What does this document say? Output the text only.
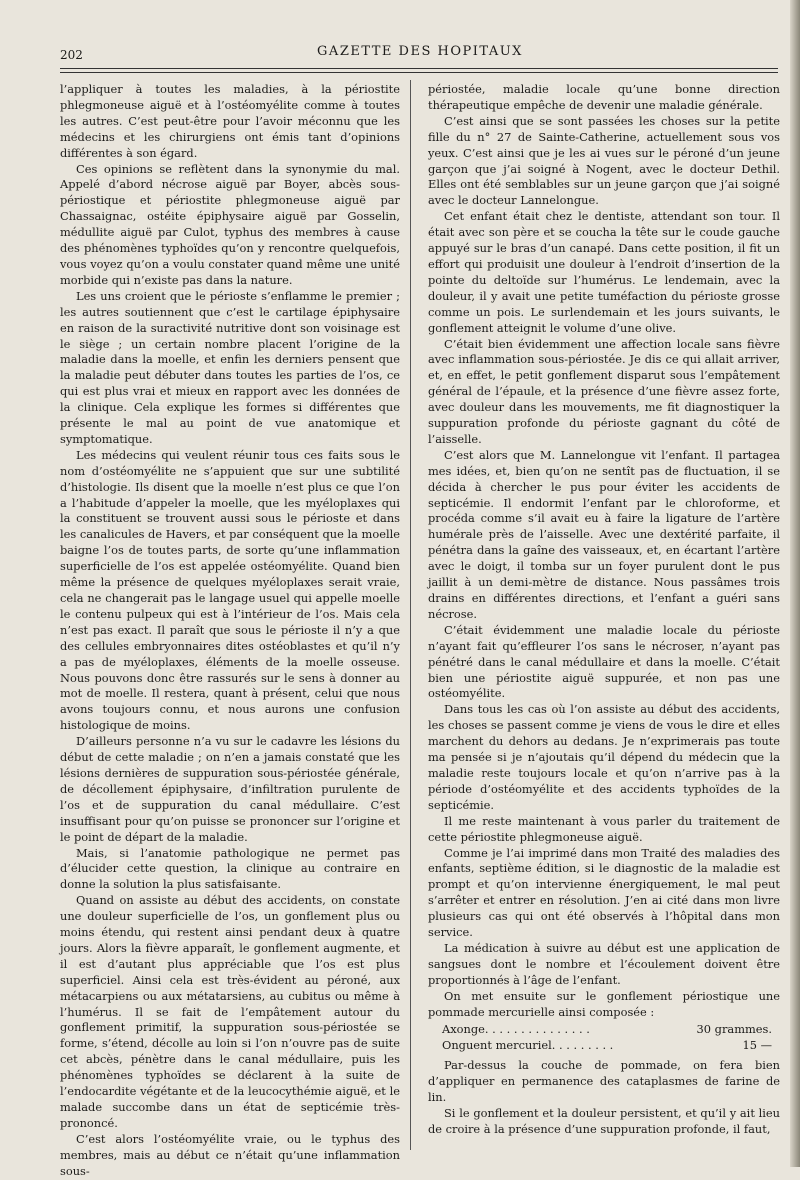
202	GAZETTE DES HOPITAUX

l’appliquer à toutes les maladies, à la périostite phlegmoneuse aiguë et à l’ostéomyélite comme à toutes les autres. C’est peut-être pour l’avoir méconnu que les médecins et les chirurgiens ont émis tant d’opinions différentes à son égard.

Ces opinions se reflètent dans la synonymie du mal. Appelé d’abord nécrose aiguë par Boyer, abcès sous-périostique et périostite phlegmoneuse aiguë par Chassaignac, ostéite épiphysaire aiguë par Gosselin, médullite aiguë par Culot, typhus des membres à cause des phénomènes typhoïdes qu’on y rencontre quelquefois, vous voyez qu’on a voulu constater quand même une unité morbide qui n’existe pas dans la nature.

Les uns croient que le périoste s’enflamme le premier ; les autres soutiennent que c’est le cartilage épiphysaire en raison de la suractivité nutritive dont son voisinage est le siège ; un certain nombre placent l’origine de la maladie dans la moelle, et enfin les derniers pensent que la maladie peut débuter dans toutes les parties de l’os, ce qui est plus vrai et mieux en rapport avec les données de la clinique. Cela explique les formes si différentes que présente le mal au point de vue anatomique et symptomatique.

Les médecins qui veulent réunir tous ces faits sous le nom d’ostéomyélite ne s’appuient que sur une subtilité d’histologie. Ils disent que la moelle n’est plus ce que l’on a l’habitude d’appeler la moelle, que les myéloplaxes qui la constituent se trouvent aussi sous le périoste et dans les canalicules de Havers, et par conséquent que la moelle baigne l’os de toutes parts, de sorte qu’une inflammation superficielle de l’os est appelée ostéomyélite. Quand bien même la présence de quelques myéloplaxes serait vraie, cela ne changerait pas le langage usuel qui appelle moelle le contenu pulpeux qui est à l’intérieur de l’os. Mais cela n’est pas exact. Il paraît que sous le périoste il n’y a que des cellules embryonnaires dites ostéoblastes et qu’il n’y a pas de myéloplaxes, éléments de la moelle osseuse. Nous pouvons donc être rassurés sur le sens à donner au mot de moelle. Il restera, quant à présent, celui que nous avons toujours connu, et nous aurons une confusion histologique de moins.

D’ailleurs personne n’a vu sur le cadavre les lésions du début de cette maladie ; on n’en a jamais constaté que les lésions dernières de suppuration sous-périostée générale, de décollement épiphysaire, d’infiltration purulente de l’os et de suppuration du canal médullaire. C’est insuffisant pour qu’on puisse se prononcer sur l’origine et le point de départ de la maladie.

Mais, si l’anatomie pathologique ne permet pas d’élucider cette question, la clinique au contraire en donne la solution la plus satisfaisante.

Quand on assiste au début des accidents, on constate une douleur superficielle de l’os, un gonflement plus ou moins étendu, qui restent ainsi pendant deux à quatre jours. Alors la fièvre apparaît, le gonflement augmente, et il est d’autant plus appréciable que l’os est plus superficiel. Ainsi cela est très-évident au péroné, aux métacarpiens ou aux métatarsiens, au cubitus ou même à l’humérus. Il se fait de l’empâtement autour du gonflement primitif, la suppuration sous-périostée se forme, s’étend, décolle au loin si l’on n’ouvre pas de suite cet abcès, pénètre dans le canal médullaire, puis les phénomènes typhoïdes se déclarent à la suite de l’endocardite végétante et de la leucocythémie aiguë, et le malade succombe dans un état de septicémie très-prononcé.

C’est alors l’ostéomyélite vraie, ou le typhus des membres, mais au début ce n’était qu’une inflammation sous-

périostée, maladie locale qu’une bonne direction thérapeutique empêche de devenir une maladie générale.

C’est ainsi que se sont passées les choses sur la petite fille du n° 27 de Sainte-Catherine, actuellement sous vos yeux. C’est ainsi que je les ai vues sur le péroné d’un jeune garçon que j’ai soigné à Nogent, avec le docteur Dethil. Elles ont été semblables sur un jeune garçon que j’ai soigné avec le docteur Lannelongue.

Cet enfant était chez le dentiste, attendant son tour. Il était avec son père et se coucha la tête sur le coude gauche appuyé sur le bras d’un canapé. Dans cette position, il fit un effort qui produisit une douleur à l’endroit d’insertion de la pointe du deltoïde sur l’humérus. Le lendemain, avec la douleur, il y avait une petite tuméfaction du périoste grosse comme un pois. Le surlendemain et les jours suivants, le gonflement atteignit le volume d’une olive.

C’était bien évidemment une affection locale sans fièvre avec inflammation sous-périostée. Je dis ce qui allait arriver, et, en effet, le petit gonflement disparut sous l’empâtement général de l’épaule, et la présence d’une fièvre assez forte, avec douleur dans les mouvements, me fit diagnostiquer la suppuration profonde du périoste gagnant du côté de l’aisselle.

C’est alors que M. Lannelongue vit l’enfant. Il partagea mes idées, et, bien qu’on ne sentît pas de fluctuation, il se décida à chercher le pus pour éviter les accidents de septicémie. Il endormit l’enfant par le chloroforme, et procéda comme s’il avait eu à faire la ligature de l’artère humérale près de l’aisselle. Avec une dextérité parfaite, il pénétra dans la gaîne des vaisseaux, et, en écartant l’artère avec le doigt, il tomba sur un foyer purulent dont le pus jaillit à un demi-mètre de distance. Nous passâmes trois drains en différentes directions, et l’enfant a guéri sans nécrose.

C’était évidemment une maladie locale du périoste n’ayant fait qu’effleurer l’os sans le nécroser, n’ayant pas pénétré dans le canal médullaire et dans la moelle. C’était bien une périostite aiguë suppurée, et non pas une ostéomyélite.

Dans tous les cas où l’on assiste au début des accidents, les choses se passent comme je viens de vous le dire et elles marchent du dehors au dedans. Je n’exprimerais pas toute ma pensée si je n’ajoutais qu’il dépend du médecin que la maladie reste toujours locale et qu’on n’arrive pas à la période d’ostéomyélite et des accidents typhoïdes de la septicémie.

Il me reste maintenant à vous parler du traitement de cette périostite phlegmoneuse aiguë.

Comme je l’ai imprimé dans mon Traité des maladies des enfants, septième édition, si le diagnostic de la maladie est prompt et qu’on intervienne énergiquement, le mal peut s’arrêter et entrer en résolution. J’en ai cité dans mon livre plusieurs cas qui ont été observés à l’hôpital dans mon service.

La médication à suivre au début est une application de sangsues dont le nombre et l’écoulement doivent être proportionnés à l’âge de l’enfant.

On met ensuite sur le gonflement périostique une pommade mercurielle ainsi composée :

Axonge. . . . . . . . . . . . . . .	30 grammes.
Onguent mercuriel. . . . . . . . .	15 —

Par-dessus la couche de pommade, on fera bien d’appliquer en permanence des cataplasmes de farine de lin.

Si le gonflement et la douleur persistent, et qu’il y ait lieu de croire à la présence d’une suppuration profonde, il faut,
